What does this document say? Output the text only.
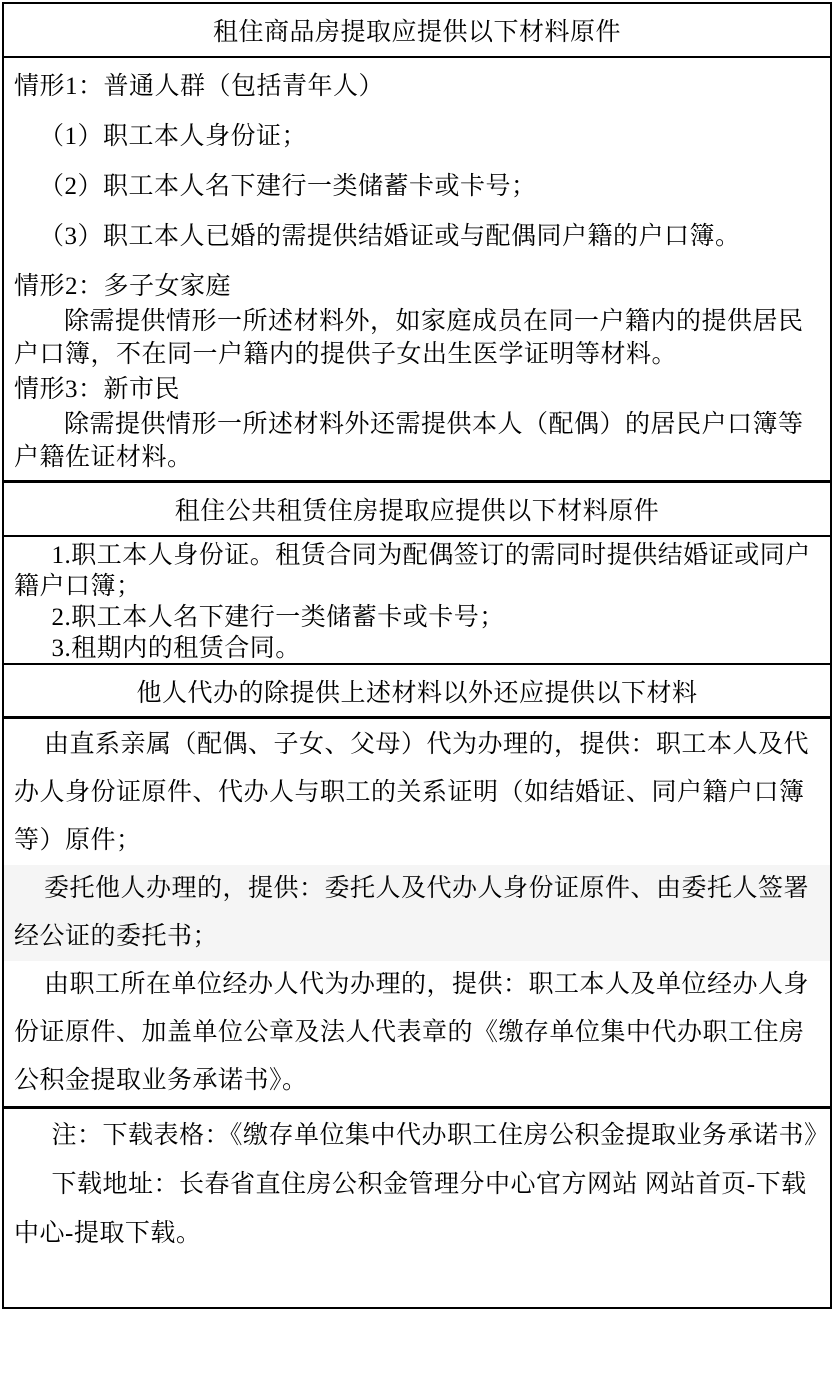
租住商品房提取应提供以下材料原件

情形1：普通人群（包括青年人）

（1）职工本人身份证；

（2）职工本人名下建行一类储蓄卡或卡号；

（3）职工本人已婚的需提供结婚证或与配偶同户籍的户口簿。

情形2：多子女家庭

除需提供情形一所述材料外，如家庭成员在同一户籍内的提供居民户口簿，不在同一户籍内的提供子女出生医学证明等材料。

情形3：新市民

除需提供情形一所述材料外还需提供本人（配偶）的居民户口簿等户籍佐证材料。

租住公共租赁住房提取应提供以下材料原件

1.职工本人身份证。租赁合同为配偶签订的需同时提供结婚证或同户籍户口簿；

2.职工本人名下建行一类储蓄卡或卡号；

3.租期内的租赁合同。

他人代办的除提供上述材料以外还应提供以下材料

由直系亲属（配偶、子女、父母）代为办理的，提供：职工本人及代办人身份证原件、代办人与职工的关系证明（如结婚证、同户籍户口簿等）原件；

委托他人办理的，提供：委托人及代办人身份证原件、由委托人签署经公证的委托书；

由职工所在单位经办人代为办理的，提供：职工本人及单位经办人身份证原件、加盖单位公章及法人代表章的《缴存单位集中代办职工住房公积金提取业务承诺书》。

注：下载表格：《缴存单位集中代办职工住房公积金提取业务承诺书》

下载地址：长春省直住房公积金管理分中心官方网站 网站首页-下载中心-提取下载。
